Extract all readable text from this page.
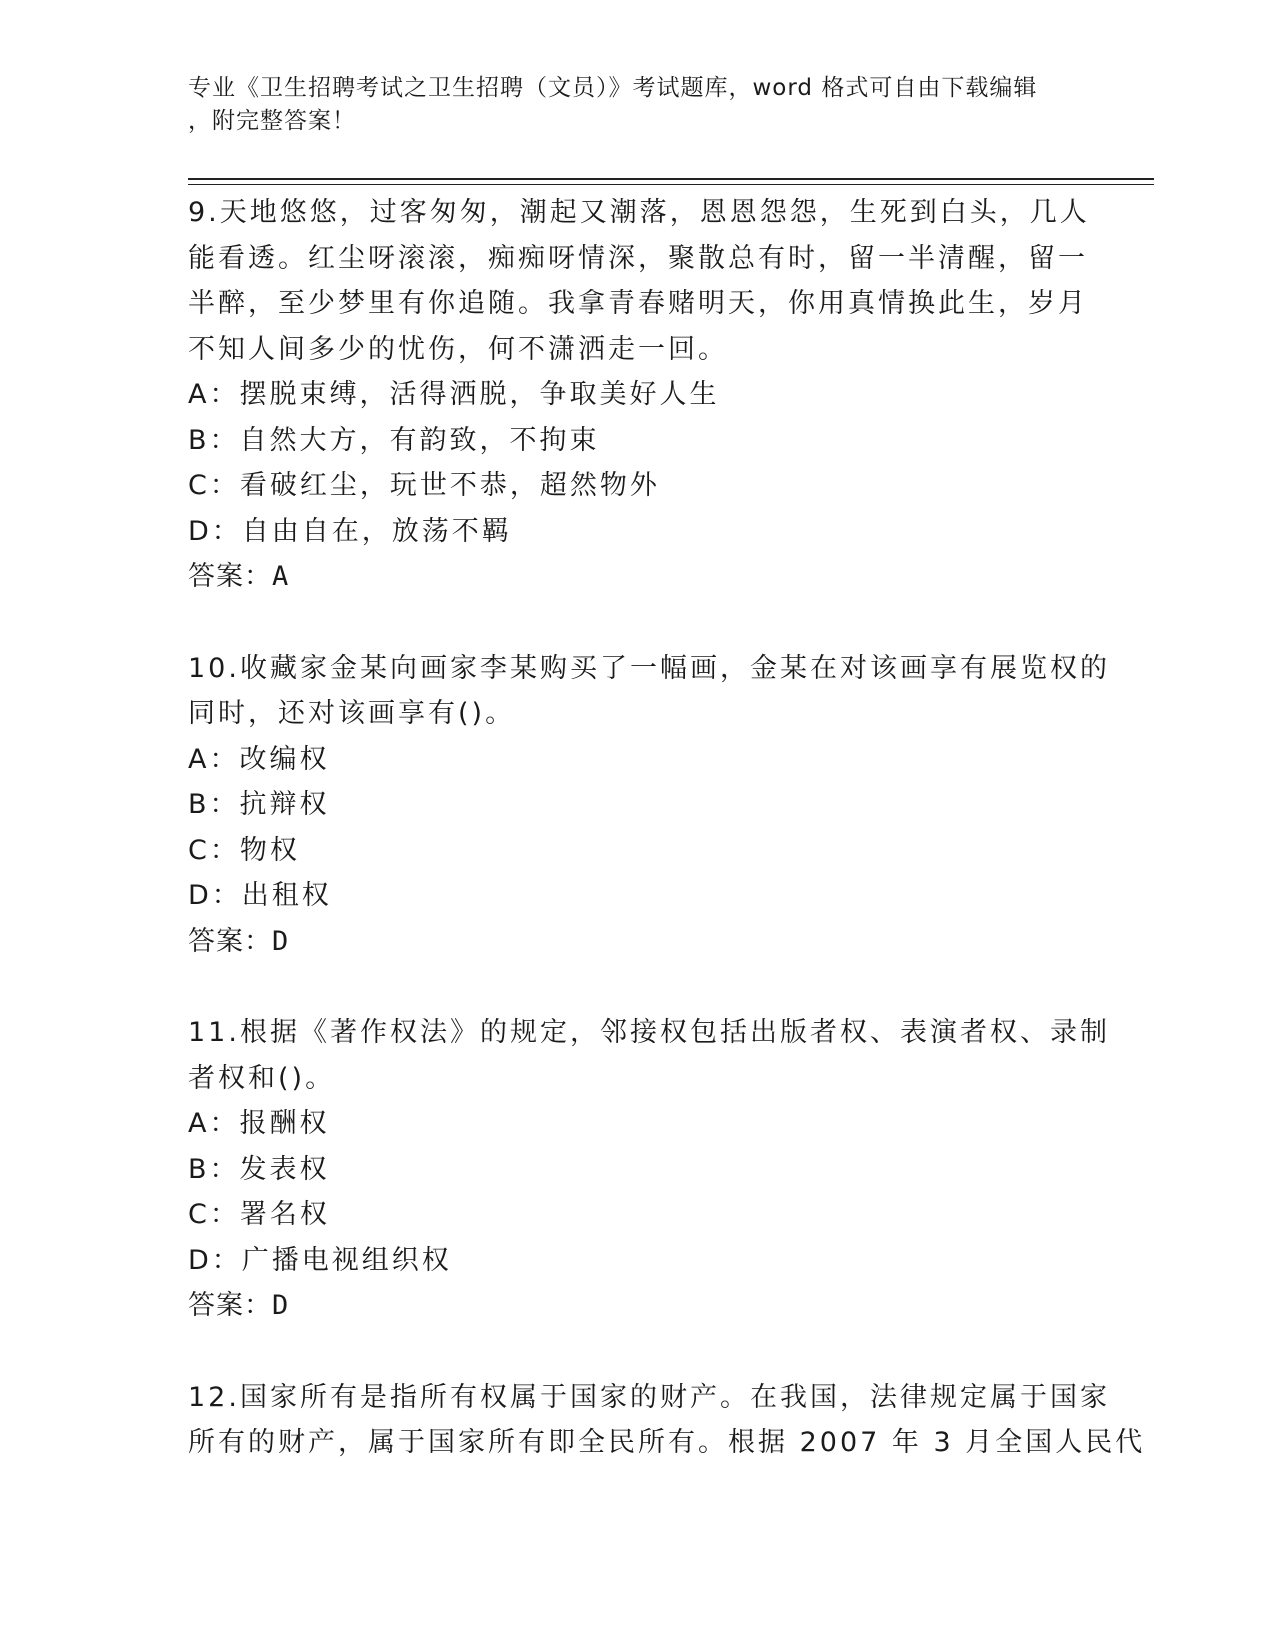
专业《卫生招聘考试之卫生招聘（文员）》考试题库，word 格式可自由下载编辑
，附完整答案！
9.天地悠悠，过客匆匆，潮起又潮落，恩恩怨怨，生死到白头，几人
能看透。红尘呀滚滚，痴痴呀情深，聚散总有时，留一半清醒，留一
半醉，至少梦里有你追随。我拿青春赌明天，你用真情换此生，岁月
不知人间多少的忧伤，何不潇洒走一回。
A：摆脱束缚，活得洒脱，争取美好人生
B：自然大方，有韵致，不拘束
C：看破红尘，玩世不恭，超然物外
D：自由自在，放荡不羁
答案：A
10.收藏家金某向画家李某购买了一幅画，金某在对该画享有展览权的
同时，还对该画享有()。
A：改编权
B：抗辩权
C：物权
D：出租权
答案：D
11.根据《著作权法》的规定，邻接权包括出版者权、表演者权、录制
者权和()。
A：报酬权
B：发表权
C：署名权
D：广播电视组织权
答案：D
12.国家所有是指所有权属于国家的财产。在我国，法律规定属于国家
所有的财产，属于国家所有即全民所有。根据 2007 年 3 月全国人民代
